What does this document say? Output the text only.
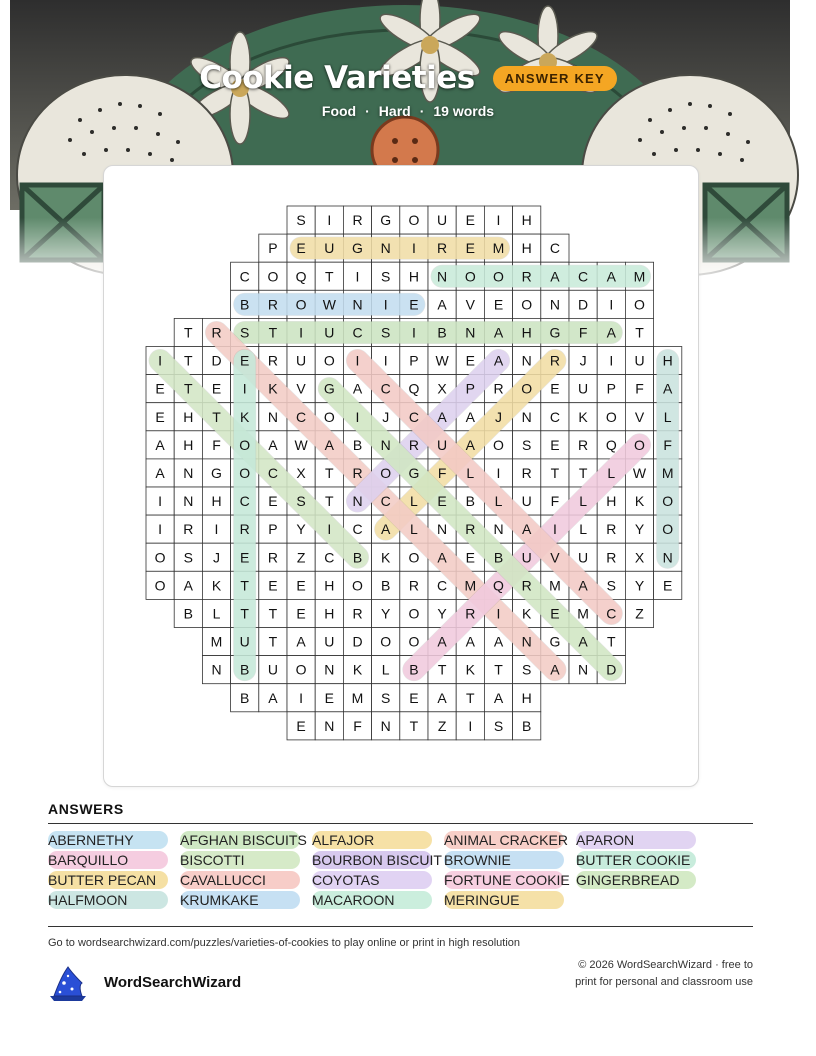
Cookie Varieties ANSWER KEY
Food · Hard · 19 words
S I R G O U E I H
P E U G N I R E M H C
C O Q T I S H N O O R A C A M
B R O W N I E A V E O N D I O
T R S T I U C S I B N A H G F A T
I T D E R U O I I P W E A N R J I U H
E T E I K V G A C Q X P R O E U P F A
E H T K N C O I J C A A J N C K O V L
A H F O A W A B N R U A O S E R Q O F
A N G O C X T R O G F L I R T T L W M
I N H C E S T N C L E B L U F L H K O
I R I R P Y I C A L N R N A I L R Y O
O S J E R Z C B K O A E B U V U R X N
O A K T E E H O B R C M Q R M A S Y E
B L T T E H R Y O Y R I K E M C Z
M U T A U D O O A A A N G A T
N B U O N K L B T K T S A N D
B A I E M S E A T A H
E N F N T Z I S B
ANSWERS
ABERNETHY	AFGHAN BISCUITS ALFAJOR	ANIMAL CRACKER APARON
BARQUILLO	BISCOTTI	BOURBON BISCUIT BROWNIE	BUTTER COOKIE
BUTTER PECAN	CAVALLUCCI	COYOTAS	FORTUNE COOKIE GINGERBREAD
HALFMOON	KRUMKAKE	MACAROON	MERINGUE
Go to wordsearchwizard.com/puzzles/varieties-of-cookies to play online or print in high resolution
WordSearchWizard
© 2026 WordSearchWizard · free to print for personal and classroom use
